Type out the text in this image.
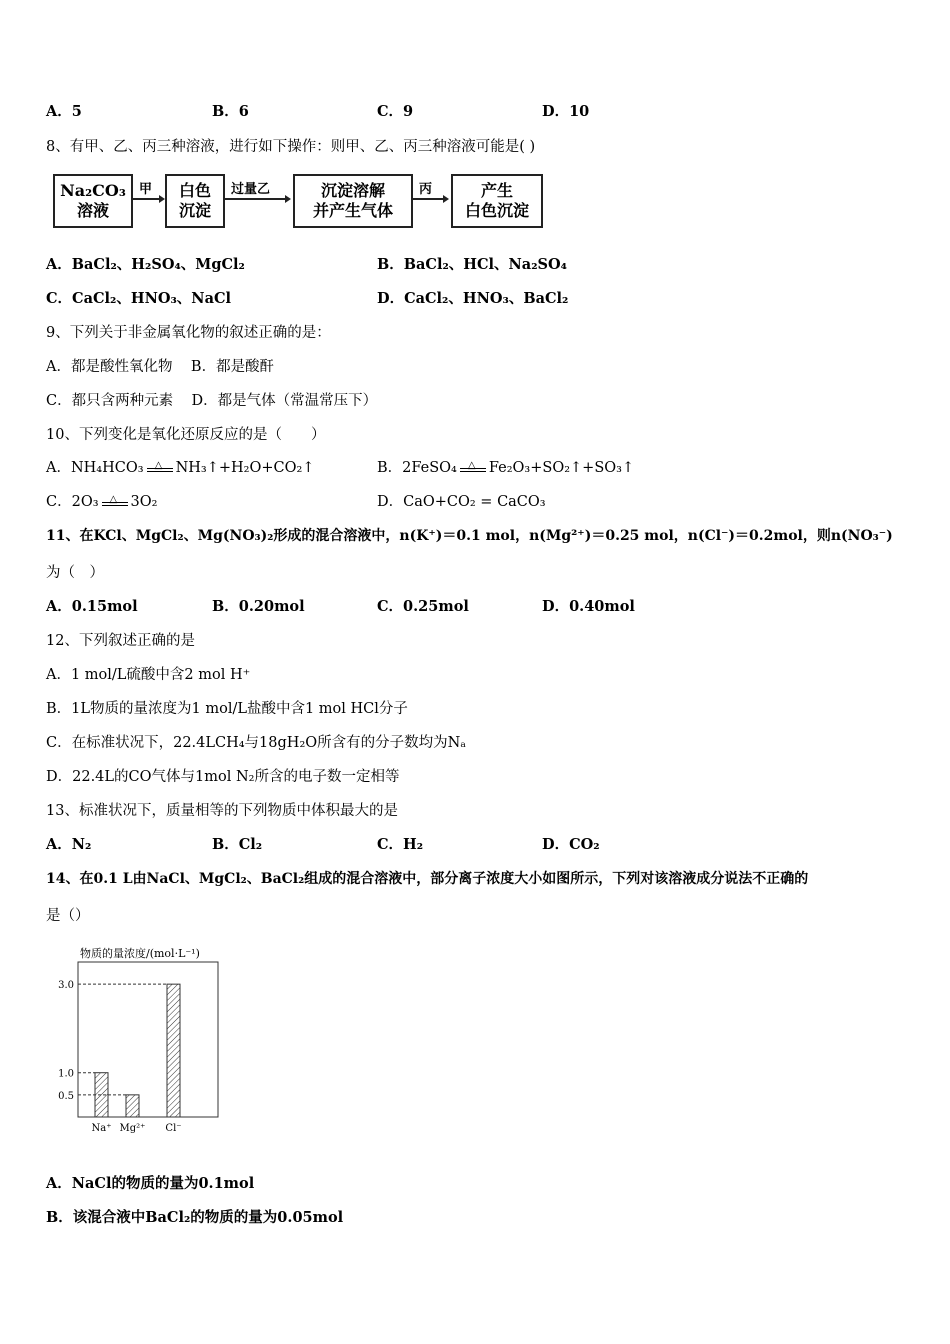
A．5	B．6	C．9	D．10
8、有甲、乙、丙三种溶液，进行如下操作：则甲、乙、丙三种溶液可能是( )
Na₂CO₃
溶液
甲 白色
沉淀
过量乙	沉淀溶解
并产生气体
丙	产生
白色沉淀
A．BaCl₂、H₂SO₄、MgCl₂	B．BaCl₂、HCl、Na₂SO₄
C．CaCl₂、HNO₃、NaCl	D．CaCl₂、HNO₃、BaCl₂
9、下列关于非金属氧化物的叙述正确的是：
A．都是酸性氧化物    B．都是酸酐
C．都只含两种元素    D．都是气体（常温常压下）
10、下列变化是氧化还原反应的是（　　）
A．NH₄HCO₃ △ NH₃↑+H₂O+CO₂↑	B．2FeSO₄ △ Fe₂O₃+SO₂↑+SO₃↑
C．2O₃ △ 3O₂	D．CaO+CO₂ = CaCO₃
11、在KCl、MgCl₂、Mg(NO₃)₂形成的混合溶液中，n(K⁺)＝0.1 mol，n(Mg²⁺)＝0.25 mol，n(Cl⁻)＝0.2mol，则n(NO₃⁻)
为（　）
A．0.15mol	B．0.20mol	C．0.25mol	D．0.40mol
12、下列叙述正确的是
A．1 mol/L硫酸中含2 mol H⁺
B．1L物质的量浓度为1 mol/L盐酸中含1 mol HCl分子
C．在标准状况下，22.4LCH₄与18gH₂O所含有的分子数均为Nₐ
D．22.4L的CO气体与1mol N₂所含的电子数一定相等
13、标准状况下，质量相等的下列物质中体积最大的是
A．N₂	B．Cl₂	C．H₂	D．CO₂
14、在0.1 L由NaCl、MgCl₂、BaCl₂组成的混合溶液中，部分离子浓度大小如图所示，下列对该溶液成分说法不正确的
是（）
物质的量浓度/(mol·L⁻¹)
0.5
1.0
3.0
Na⁺ Mg²⁺ Cl⁻
A．NaCl的物质的量为0.1mol
B．该混合液中BaCl₂的物质的量为0.05mol
